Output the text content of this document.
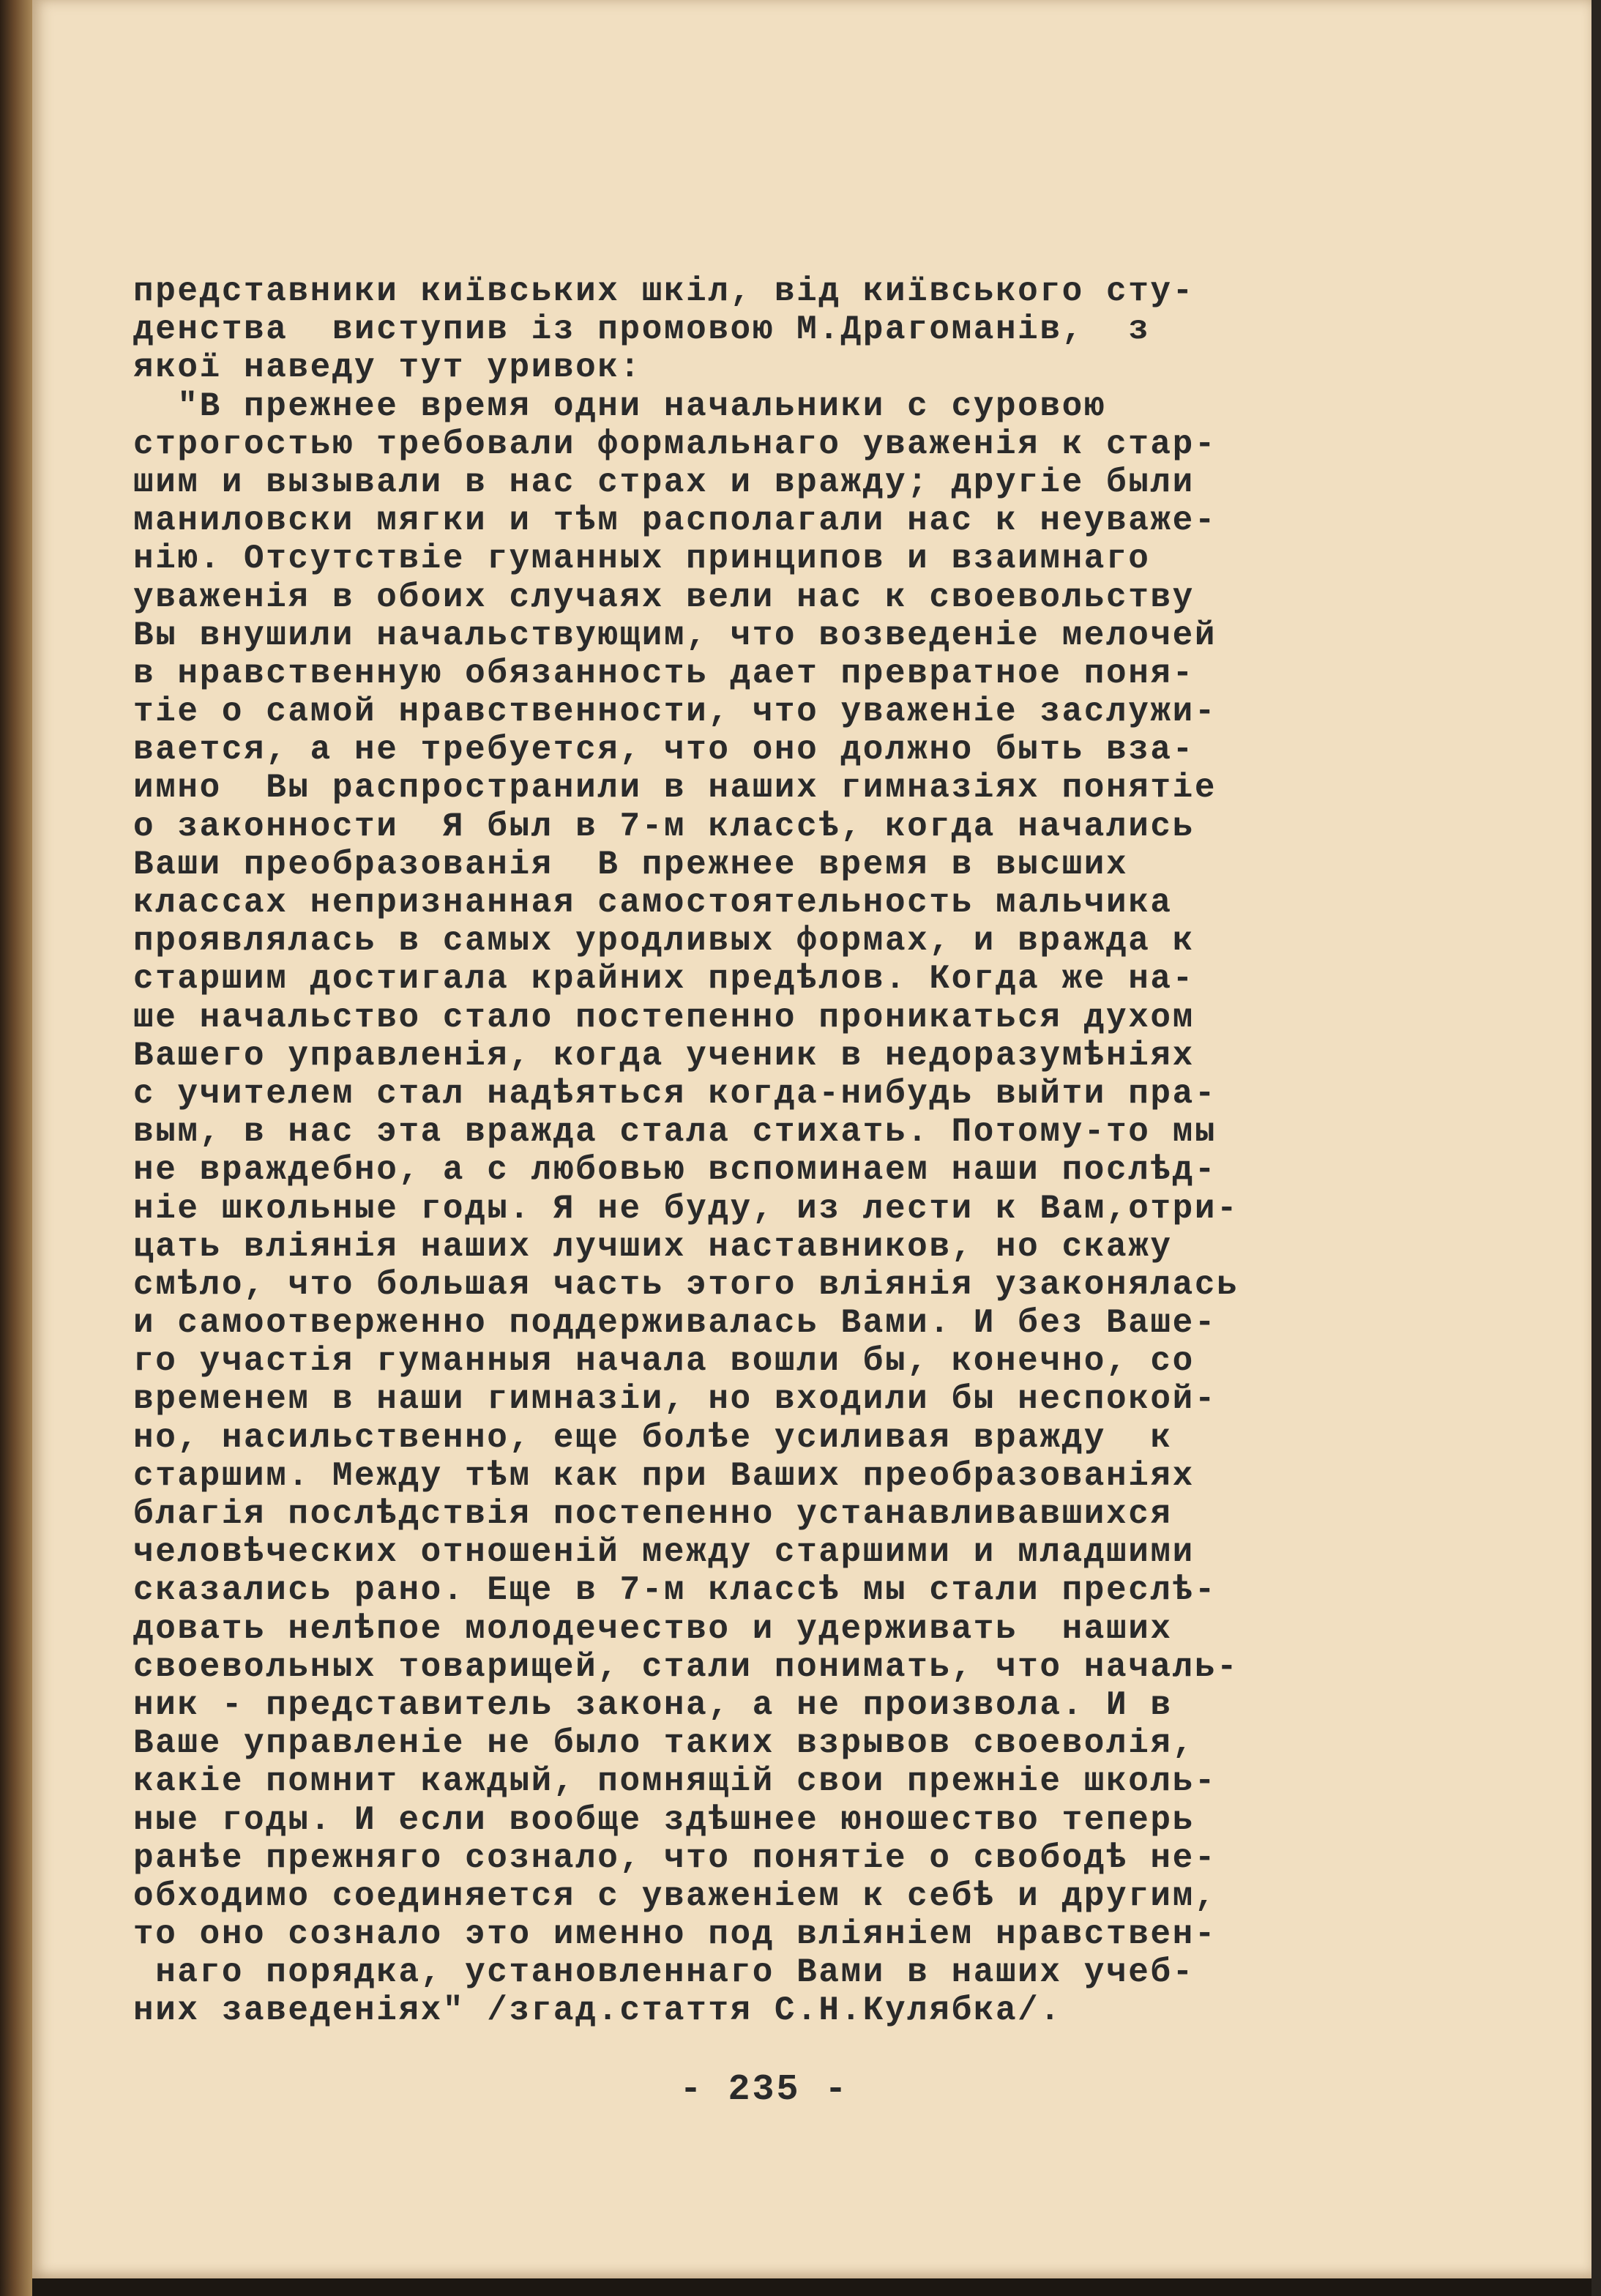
представники київських шкіл, від київського сту-
денства  виступив із промовою М.Драгоманів,  з
якої наведу тут уривок:
"В прежнее время одни начальники с суровою
строгостью требовали формальнаго уваженія к стар-
шим и вызывали в нас страх и вражду; другіе были
маниловски мягки и тѣм располагали нас к неуваже-
нію. Отсутствіе гуманных принципов и взаимнаго
уваженія в обоих случаях вели нас к своевольству
Вы внушили начальствующим, что возведеніе мелочей
в нравственную обязанность дает превратное поня-
тіе о самой нравственности, что уваженіе заслужи-
вается, а не требуется, что оно должно быть вза-
имно  Вы распространили в наших гимназіях понятіе
о законности  Я был в 7-м классѣ, когда начались
Ваши преобразованія  В прежнее время в высших
классах непризнанная самостоятельность мальчика
проявлялась в самых уродливых формах, и вражда к
старшим достигала крайних предѣлов. Когда же на-
ше начальство стало постепенно проникаться духом
Вашего управленія, когда ученик в недоразумѣніях
с учителем стал надѣяться когда-нибудь выйти пра-
вым, в нас эта вражда стала стихать. Потому-то мы
не враждебно, а с любовью вспоминаем наши послѣд-
ніе школьные годы. Я не буду, из лести к Вам,отри-
цать вліянія наших лучших наставников, но скажу
смѣло, что большая часть этого вліянія узаконялась
и самоотверженно поддерживалась Вами. И без Ваше-
го участія гуманныя начала вошли бы, конечно, со
временем в наши гимназіи, но входили бы неспокой-
но, насильственно, еще болѣе усиливая вражду  к
старшим. Между тѣм как при Ваших преобразованіях
благія послѣдствія постепенно устанавливавшихся
человѣческих отношеній между старшими и младшими
сказались рано. Еще в 7-м классѣ мы стали преслѣ-
довать нелѣпое молодечество и удерживать  наших
своевольных товарищей, стали понимать, что началь-
ник - представитель закона, а не произвола. И в
Ваше управленіе не было таких взрывов своеволія,
какіе помнит каждый, помнящій свои прежніе школь-
ные годы. И если вообще здѣшнее юношество теперь
ранѣе прежняго сознало, что понятіе о свободѣ не-
обходимо соединяется с уваженіем к себѣ и другим,
то оно сознало это именно под вліяніем нравствен-
наго порядка, установленнаго Вами в наших учеб-
них заведеніях" /згад.стаття С.Н.Кулябка/.
- 235 -
